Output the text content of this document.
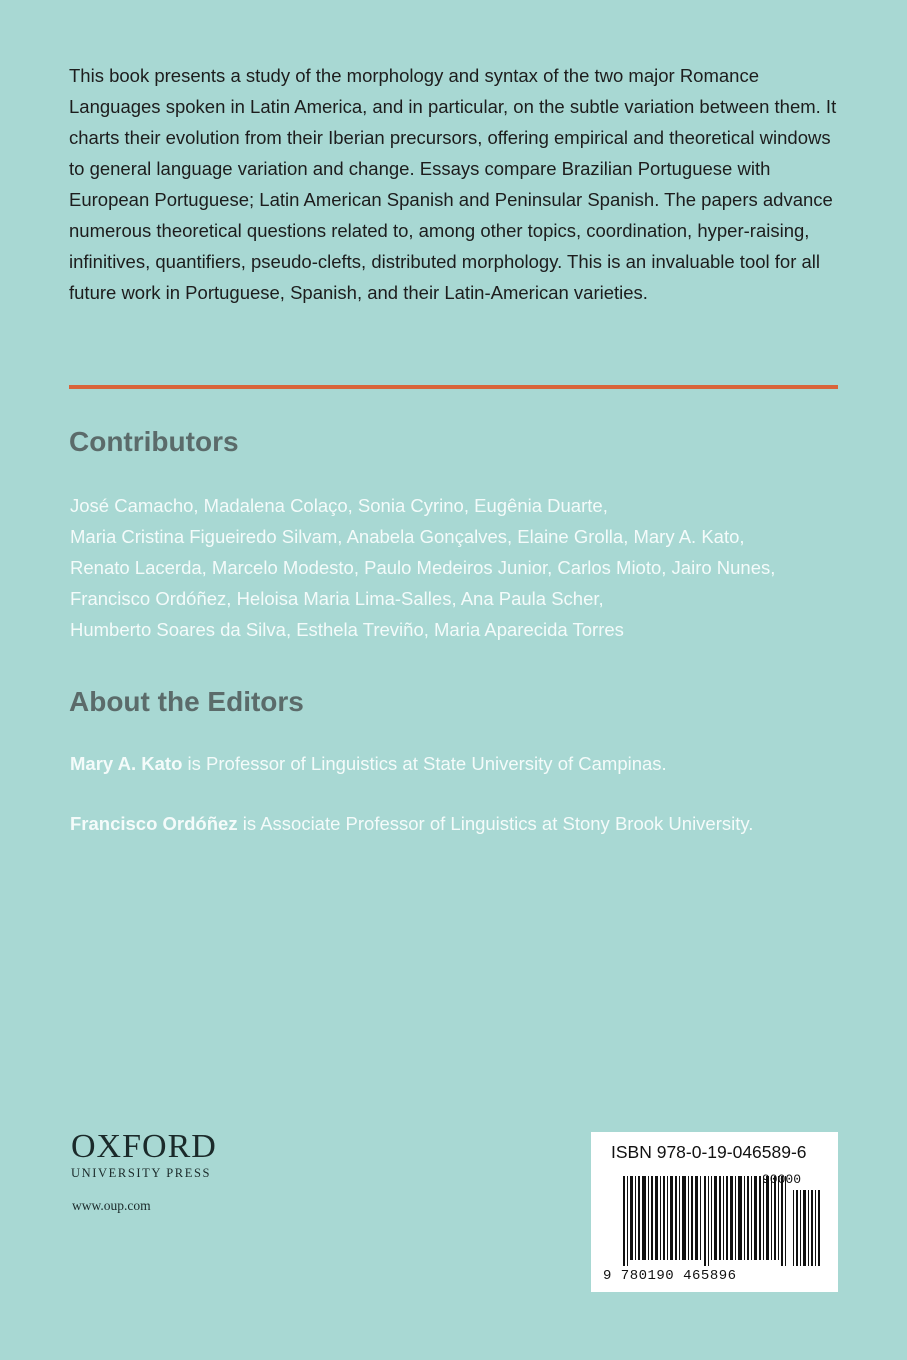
This book presents a study of the morphology and syntax of the two major Romance Languages spoken in Latin America, and in particular, on the subtle variation between them. It charts their evolution from their Iberian precursors, offering empirical and theoretical windows to general language variation and change. Essays compare Brazilian Portuguese with European Portuguese; Latin American Spanish and Peninsular Spanish. The papers advance numerous theoretical questions related to, among other topics, coordination, hyper-raising, infinitives, quantifiers, pseudo-clefts, distributed morphology. This is an invaluable tool for all future work in Portuguese, Spanish, and their Latin-American varieties.

Contributors

José Camacho, Madalena Colaço, Sonia Cyrino, Eugênia Duarte,
Maria Cristina Figueiredo Silvam, Anabela Gonçalves, Elaine Grolla, Mary A. Kato,
Renato Lacerda, Marcelo Modesto, Paulo Medeiros Junior, Carlos Mioto, Jairo Nunes,
Francisco Ordóñez, Heloisa Maria Lima-Salles, Ana Paula Scher,
Humberto Soares da Silva, Esthela Treviño, Maria Aparecida Torres

About the Editors

Mary A. Kato is Professor of Linguistics at State University of Campinas.

Francisco Ordóñez is Associate Professor of Linguistics at Stony Brook University.

OXFORD
UNIVERSITY PRESS
www.oup.com
ISBN 978-0-19-046589-6
90000
9 780190 465896
